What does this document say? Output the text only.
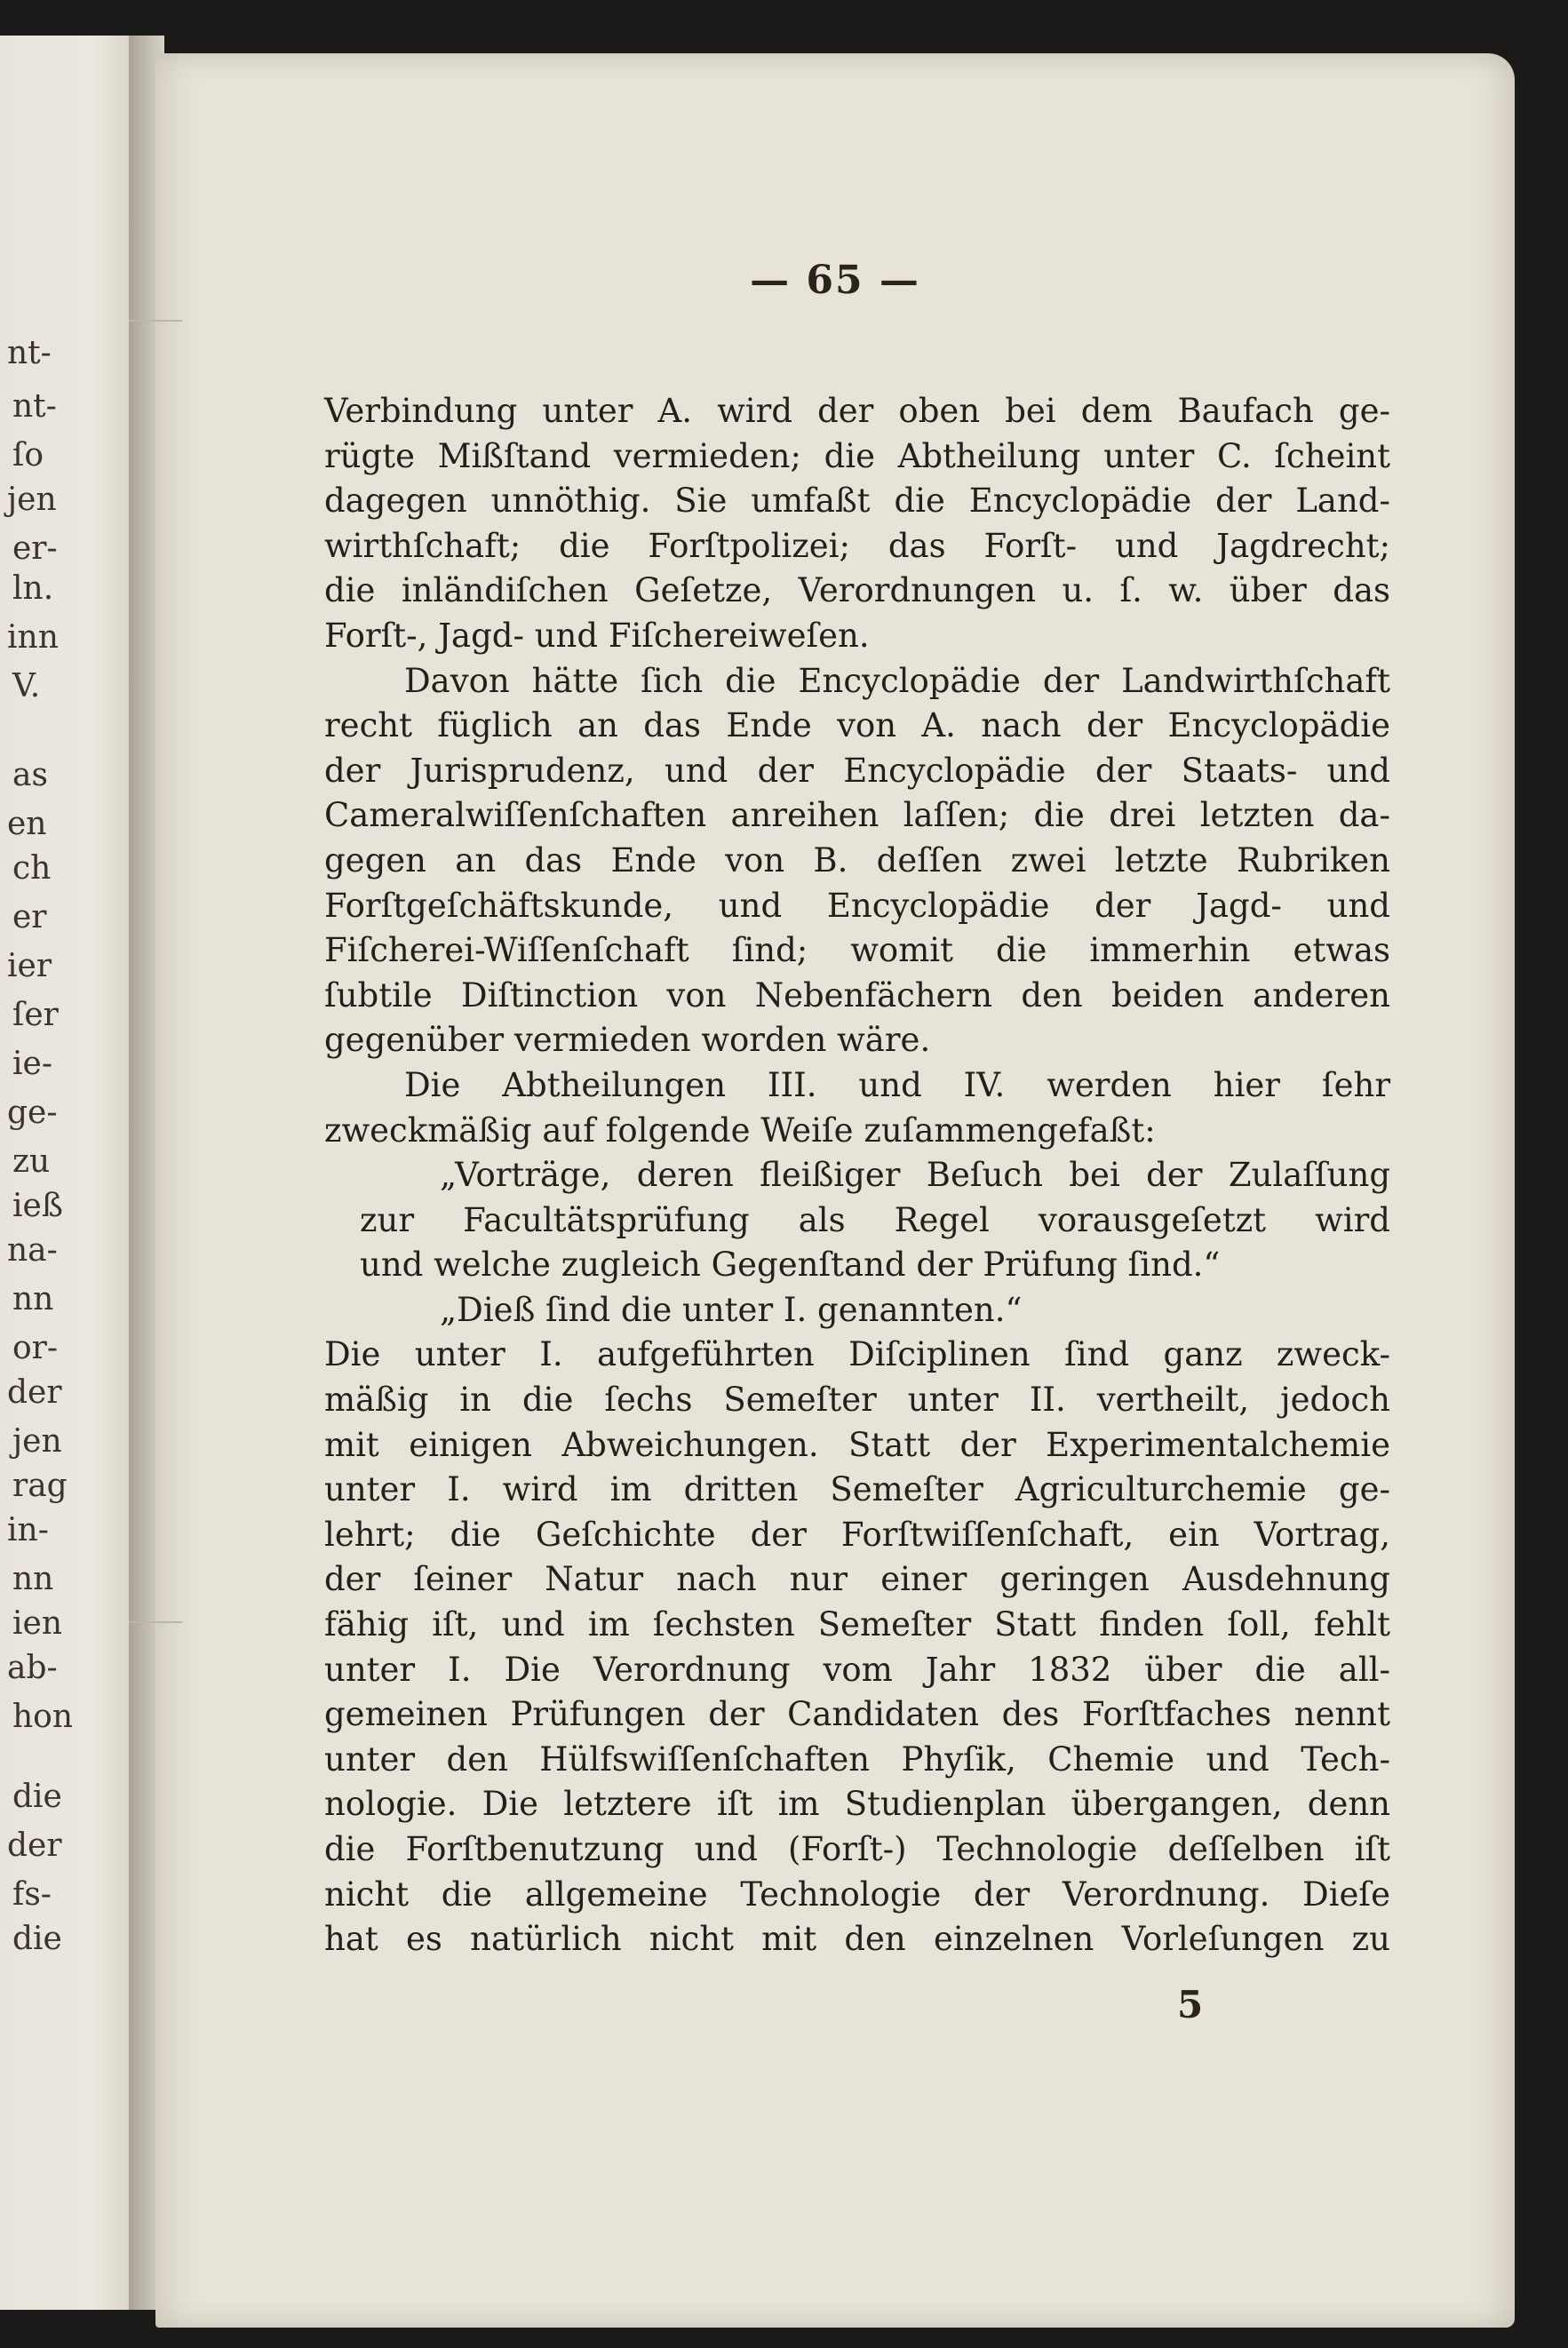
nt-
nt-
ſo
jen
er-
ln.
inn
V.
as
en
ch
er
ier
ſer
ie-
ge-
zu
ieß
na-
nn
or-
der
jen
rag
in-
nn
ien
ab-
hon
die
der
fs-
die
— 65 —
Verbindung unter A. wird der oben bei dem Baufach ge-
rügte Mißſtand vermieden; die Abtheilung unter C. ſcheint
dagegen unnöthig. Sie umfaßt die Encyclopädie der Land-
wirthſchaft; die Forſtpolizei; das Forſt- und Jagdrecht;
die inländiſchen Geſetze, Verordnungen u. ſ. w. über das
Forſt-, Jagd- und Fiſchereiweſen.
Davon hätte ſich die Encyclopädie der Landwirthſchaft
recht füglich an das Ende von A. nach der Encyclopädie
der Jurisprudenz, und der Encyclopädie der Staats- und
Cameralwiſſenſchaften anreihen laſſen; die drei letzten da-
gegen an das Ende von B. deſſen zwei letzte Rubriken
Forſtgeſchäftskunde, und Encyclopädie der Jagd- und
Fiſcherei-Wiſſenſchaft ſind; womit die immerhin etwas
ſubtile Diſtinction von Nebenfächern den beiden anderen
gegenüber vermieden worden wäre.
Die Abtheilungen III. und IV. werden hier ſehr
zweckmäßig auf folgende Weiſe zuſammengefaßt:
„Vorträge, deren fleißiger Beſuch bei der Zulaſſung
zur Facultätsprüfung als Regel vorausgeſetzt wird
und welche zugleich Gegenſtand der Prüfung ſind.“
„Dieß ſind die unter I. genannten.“
Die unter I. aufgeführten Diſciplinen ſind ganz zweck-
mäßig in die ſechs Semeſter unter II. vertheilt, jedoch
mit einigen Abweichungen. Statt der Experimentalchemie
unter I. wird im dritten Semeſter Agriculturchemie ge-
lehrt; die Geſchichte der Forſtwiſſenſchaft, ein Vortrag,
der ſeiner Natur nach nur einer geringen Ausdehnung
fähig iſt, und im ſechsten Semeſter Statt finden ſoll, fehlt
unter I. Die Verordnung vom Jahr 1832 über die all-
gemeinen Prüfungen der Candidaten des Forſtfaches nennt
unter den Hülfswiſſenſchaften Phyſik, Chemie und Tech-
nologie. Die letztere iſt im Studienplan übergangen, denn
die Forſtbenutzung und (Forſt-) Technologie deſſelben iſt
nicht die allgemeine Technologie der Verordnung. Dieſe
hat es natürlich nicht mit den einzelnen Vorleſungen zu
5
